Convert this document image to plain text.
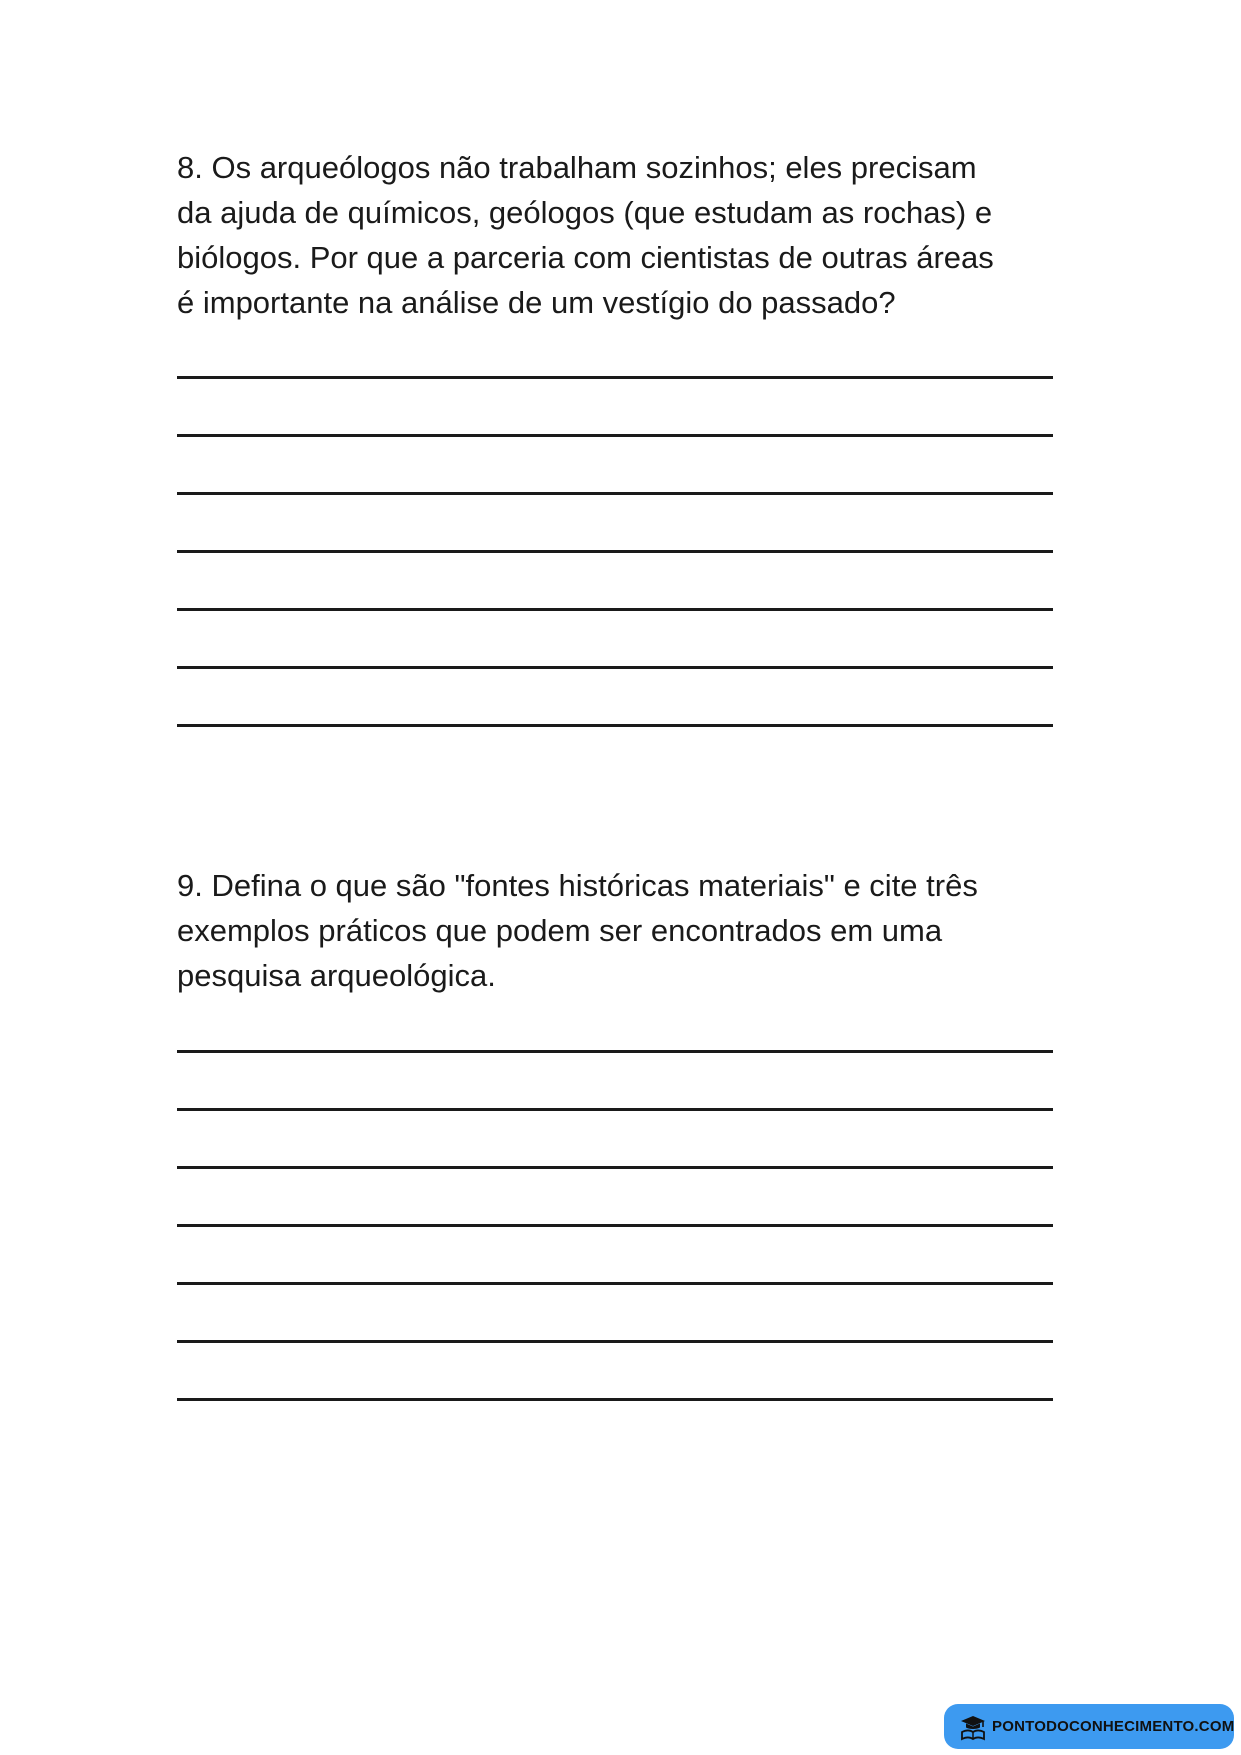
8. Os arqueólogos não trabalham sozinhos; eles precisam
da ajuda de químicos, geólogos (que estudam as rochas) e
biólogos. Por que a parceria com cientistas de outras áreas
é importante na análise de um vestígio do passado?
9. Defina o que são "fontes históricas materiais" e cite três
exemplos práticos que podem ser encontrados em uma
pesquisa arqueológica.
PONTODOCONHECIMENTO.COM
